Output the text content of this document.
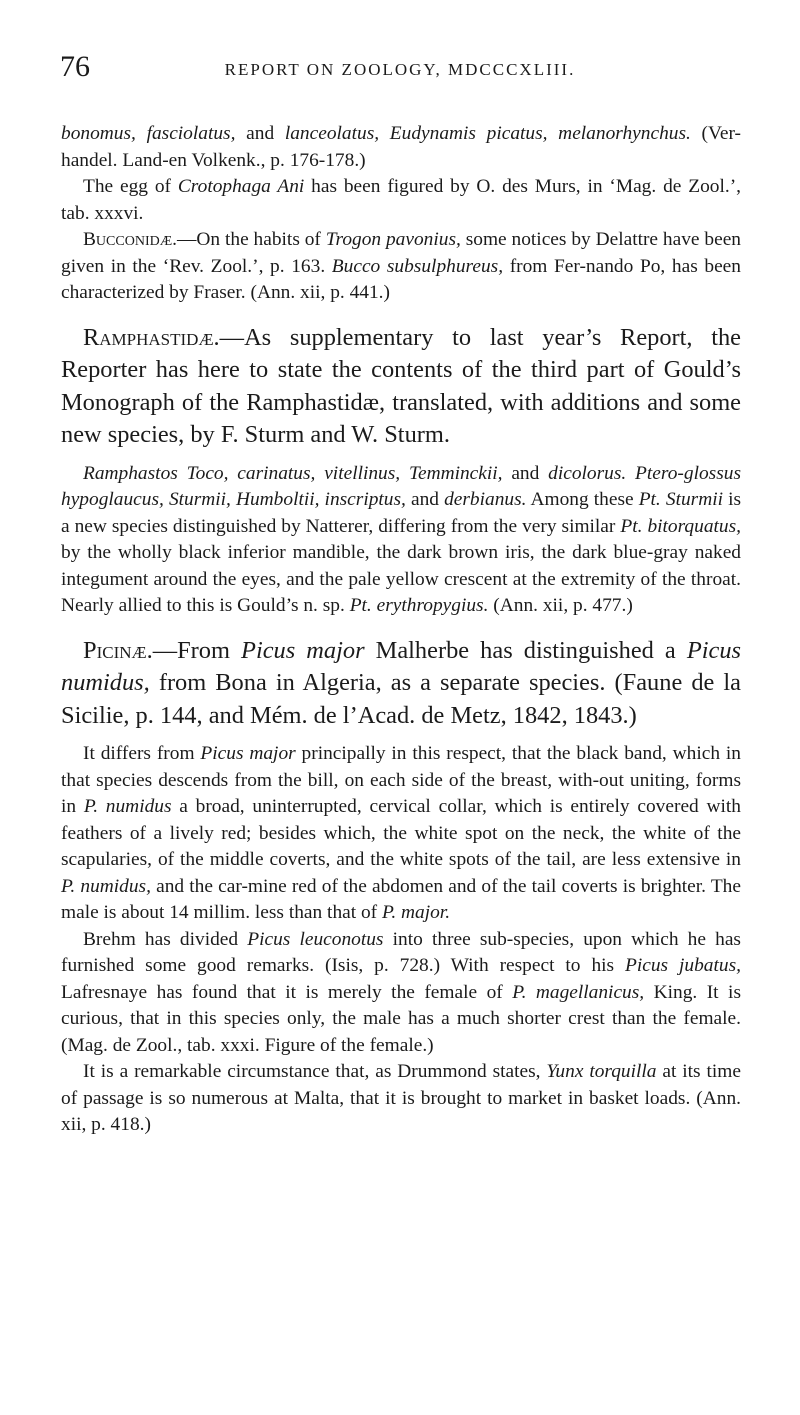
76	REPORT ON ZOOLOGY, MDCCCXLIII.

bonomus, fasciolatus, and lanceolatus, Eudynamis picatus, melanorhynchus. (Ver-handel. Land-en Volkenk., p. 176-178.)

The egg of Crotophaga Ani has been figured by O. des Murs, in ‘Mag. de Zool.’, tab. xxxvi.

Bucconidæ.—On the habits of Trogon pavonius, some notices by Delattre have been given in the ‘Rev. Zool.’, p. 163. Bucco subsulphureus, from Fer-nando Po, has been characterized by Fraser. (Ann. xii, p. 441.)

Ramphastidæ.—As supplementary to last year’s Report, the Reporter has here to state the contents of the third part of Gould’s Monograph of the Ramphastidæ, translated, with additions and some new species, by F. Sturm and W. Sturm.

Ramphastos Toco, carinatus, vitellinus, Temminckii, and dicolorus. Ptero-glossus hypoglaucus, Sturmii, Humboltii, inscriptus, and derbianus. Among these Pt. Sturmii is a new species distinguished by Natterer, differing from the very similar Pt. bitorquatus, by the wholly black inferior mandible, the dark brown iris, the dark blue-gray naked integument around the eyes, and the pale yellow crescent at the extremity of the throat. Nearly allied to this is Gould’s n. sp. Pt. erythropygius. (Ann. xii, p. 477.)

Picinæ.—From Picus major Malherbe has distinguished a Picus numidus, from Bona in Algeria, as a separate species. (Faune de la Sicilie, p. 144, and Mém. de l’Acad. de Metz, 1842, 1843.)

It differs from Picus major principally in this respect, that the black band, which in that species descends from the bill, on each side of the breast, with-out uniting, forms in P. numidus a broad, uninterrupted, cervical collar, which is entirely covered with feathers of a lively red; besides which, the white spot on the neck, the white of the scapularies, of the middle coverts, and the white spots of the tail, are less extensive in P. numidus, and the car-mine red of the abdomen and of the tail coverts is brighter. The male is about 14 millim. less than that of P. major.

Brehm has divided Picus leuconotus into three sub-species, upon which he has furnished some good remarks. (Isis, p. 728.) With respect to his Picus jubatus, Lafresnaye has found that it is merely the female of P. magellanicus, King. It is curious, that in this species only, the male has a much shorter crest than the female. (Mag. de Zool., tab. xxxi. Figure of the female.)

It is a remarkable circumstance that, as Drummond states, Yunx torquilla at its time of passage is so numerous at Malta, that it is brought to market in basket loads. (Ann. xii, p. 418.)
